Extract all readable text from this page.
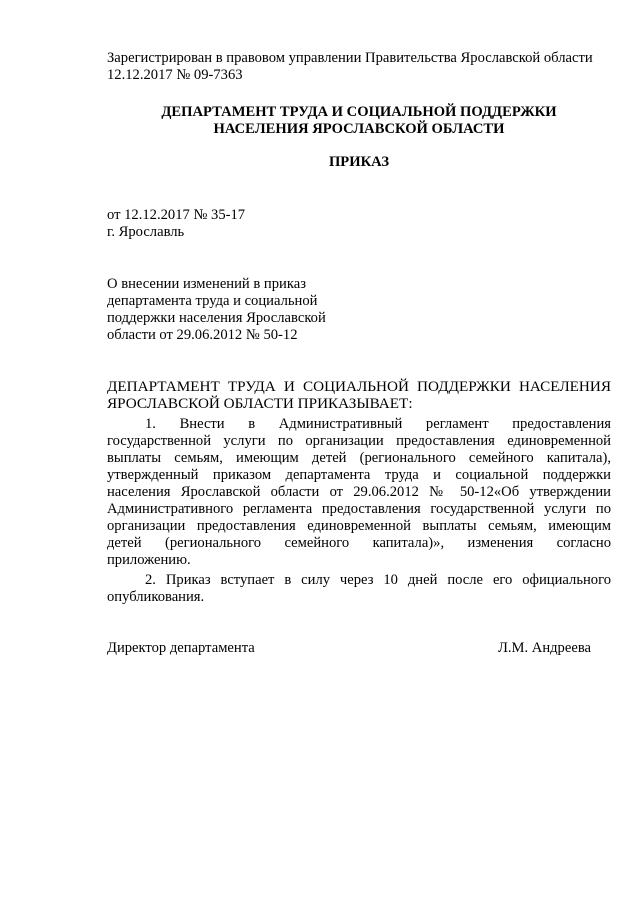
Зарегистрирован в правовом управлении Правительства Ярославской области
12.12.2017 № 09-7363
ДЕПАРТАМЕНТ ТРУДА И СОЦИАЛЬНОЙ ПОДДЕРЖКИ
НАСЕЛЕНИЯ ЯРОСЛАВСКОЙ ОБЛАСТИ
ПРИКАЗ
от 12.12.2017 № 35-17
г. Ярославль
О внесении изменений в приказ
департамента труда и социальной
поддержки населения Ярославской
области от 29.06.2012 № 50-12
ДЕПАРТАМЕНТ ТРУДА И СОЦИАЛЬНОЙ ПОДДЕРЖКИ НАСЕЛЕНИЯ
ЯРОСЛАВСКОЙ ОБЛАСТИ ПРИКАЗЫВАЕТ:
1. Внести в Административный регламент предоставления
государственной услуги по организации предоставления единовременной
выплаты семьям, имеющим детей (регионального семейного капитала),
утвержденный приказом департамента труда и социальной поддержки
населения Ярославской области от 29.06.2012 № 50-12«Об утверждении
Административного регламента предоставления государственной услуги по
организации предоставления единовременной выплаты семьям, имеющим
детей (регионального семейного капитала)», изменения согласно
приложению.
2. Приказ вступает в силу через 10 дней после его официального
опубликования.
Директор департамента	Л.М. Андреева
